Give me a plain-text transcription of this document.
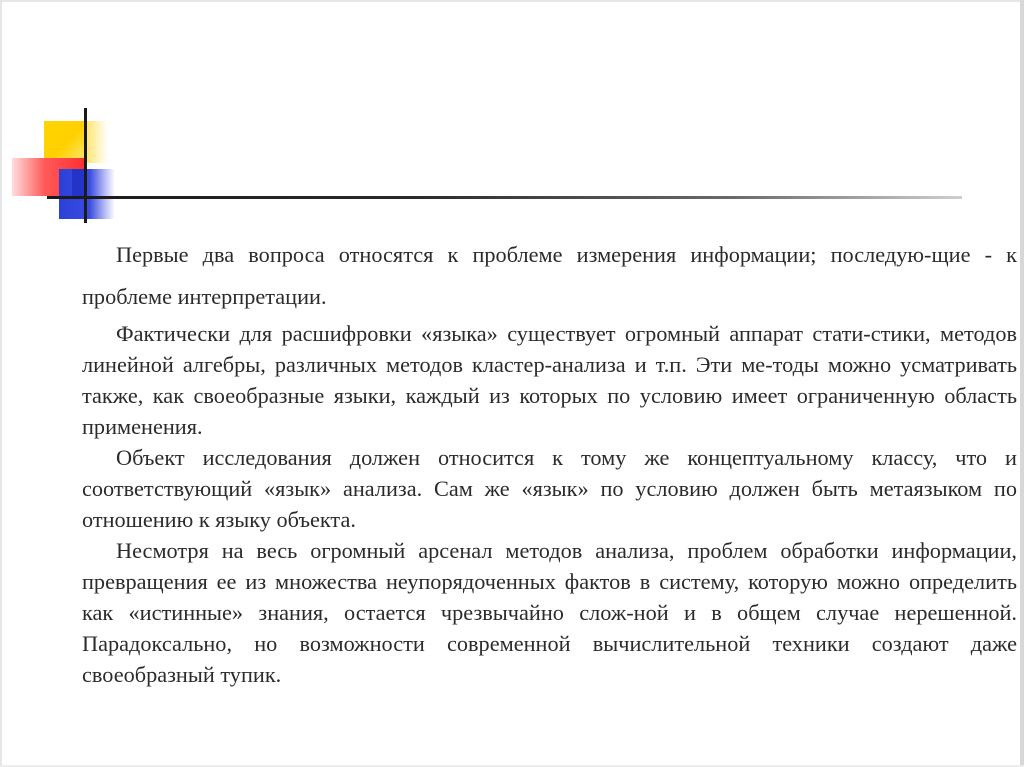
Первые два вопроса относятся к проблеме измерения информации; последую-щие - к проблеме интерпретации.

Фактически для расшифровки «языка» существует огромный аппарат стати-стики, методов линейной алгебры, различных методов кластер-анализа и т.п. Эти ме-тоды можно усматривать также, как своеобразные языки, каждый из которых по условию имеет ограниченную область применения.

Объект исследования должен относится к тому же концептуальному классу, что и соответствующий «язык» анализа. Сам же «язык» по условию должен быть метаязыком по отношению к языку объекта.

Несмотря на весь огромный арсенал методов анализа, проблем обработки информации, превращения ее из множества неупорядоченных фактов в систему, которую можно определить как «истинные» знания, остается чрезвычайно слож-ной и в общем случае нерешенной. Парадоксально, но возможности современной вычислительной техники создают даже своеобразный тупик.
